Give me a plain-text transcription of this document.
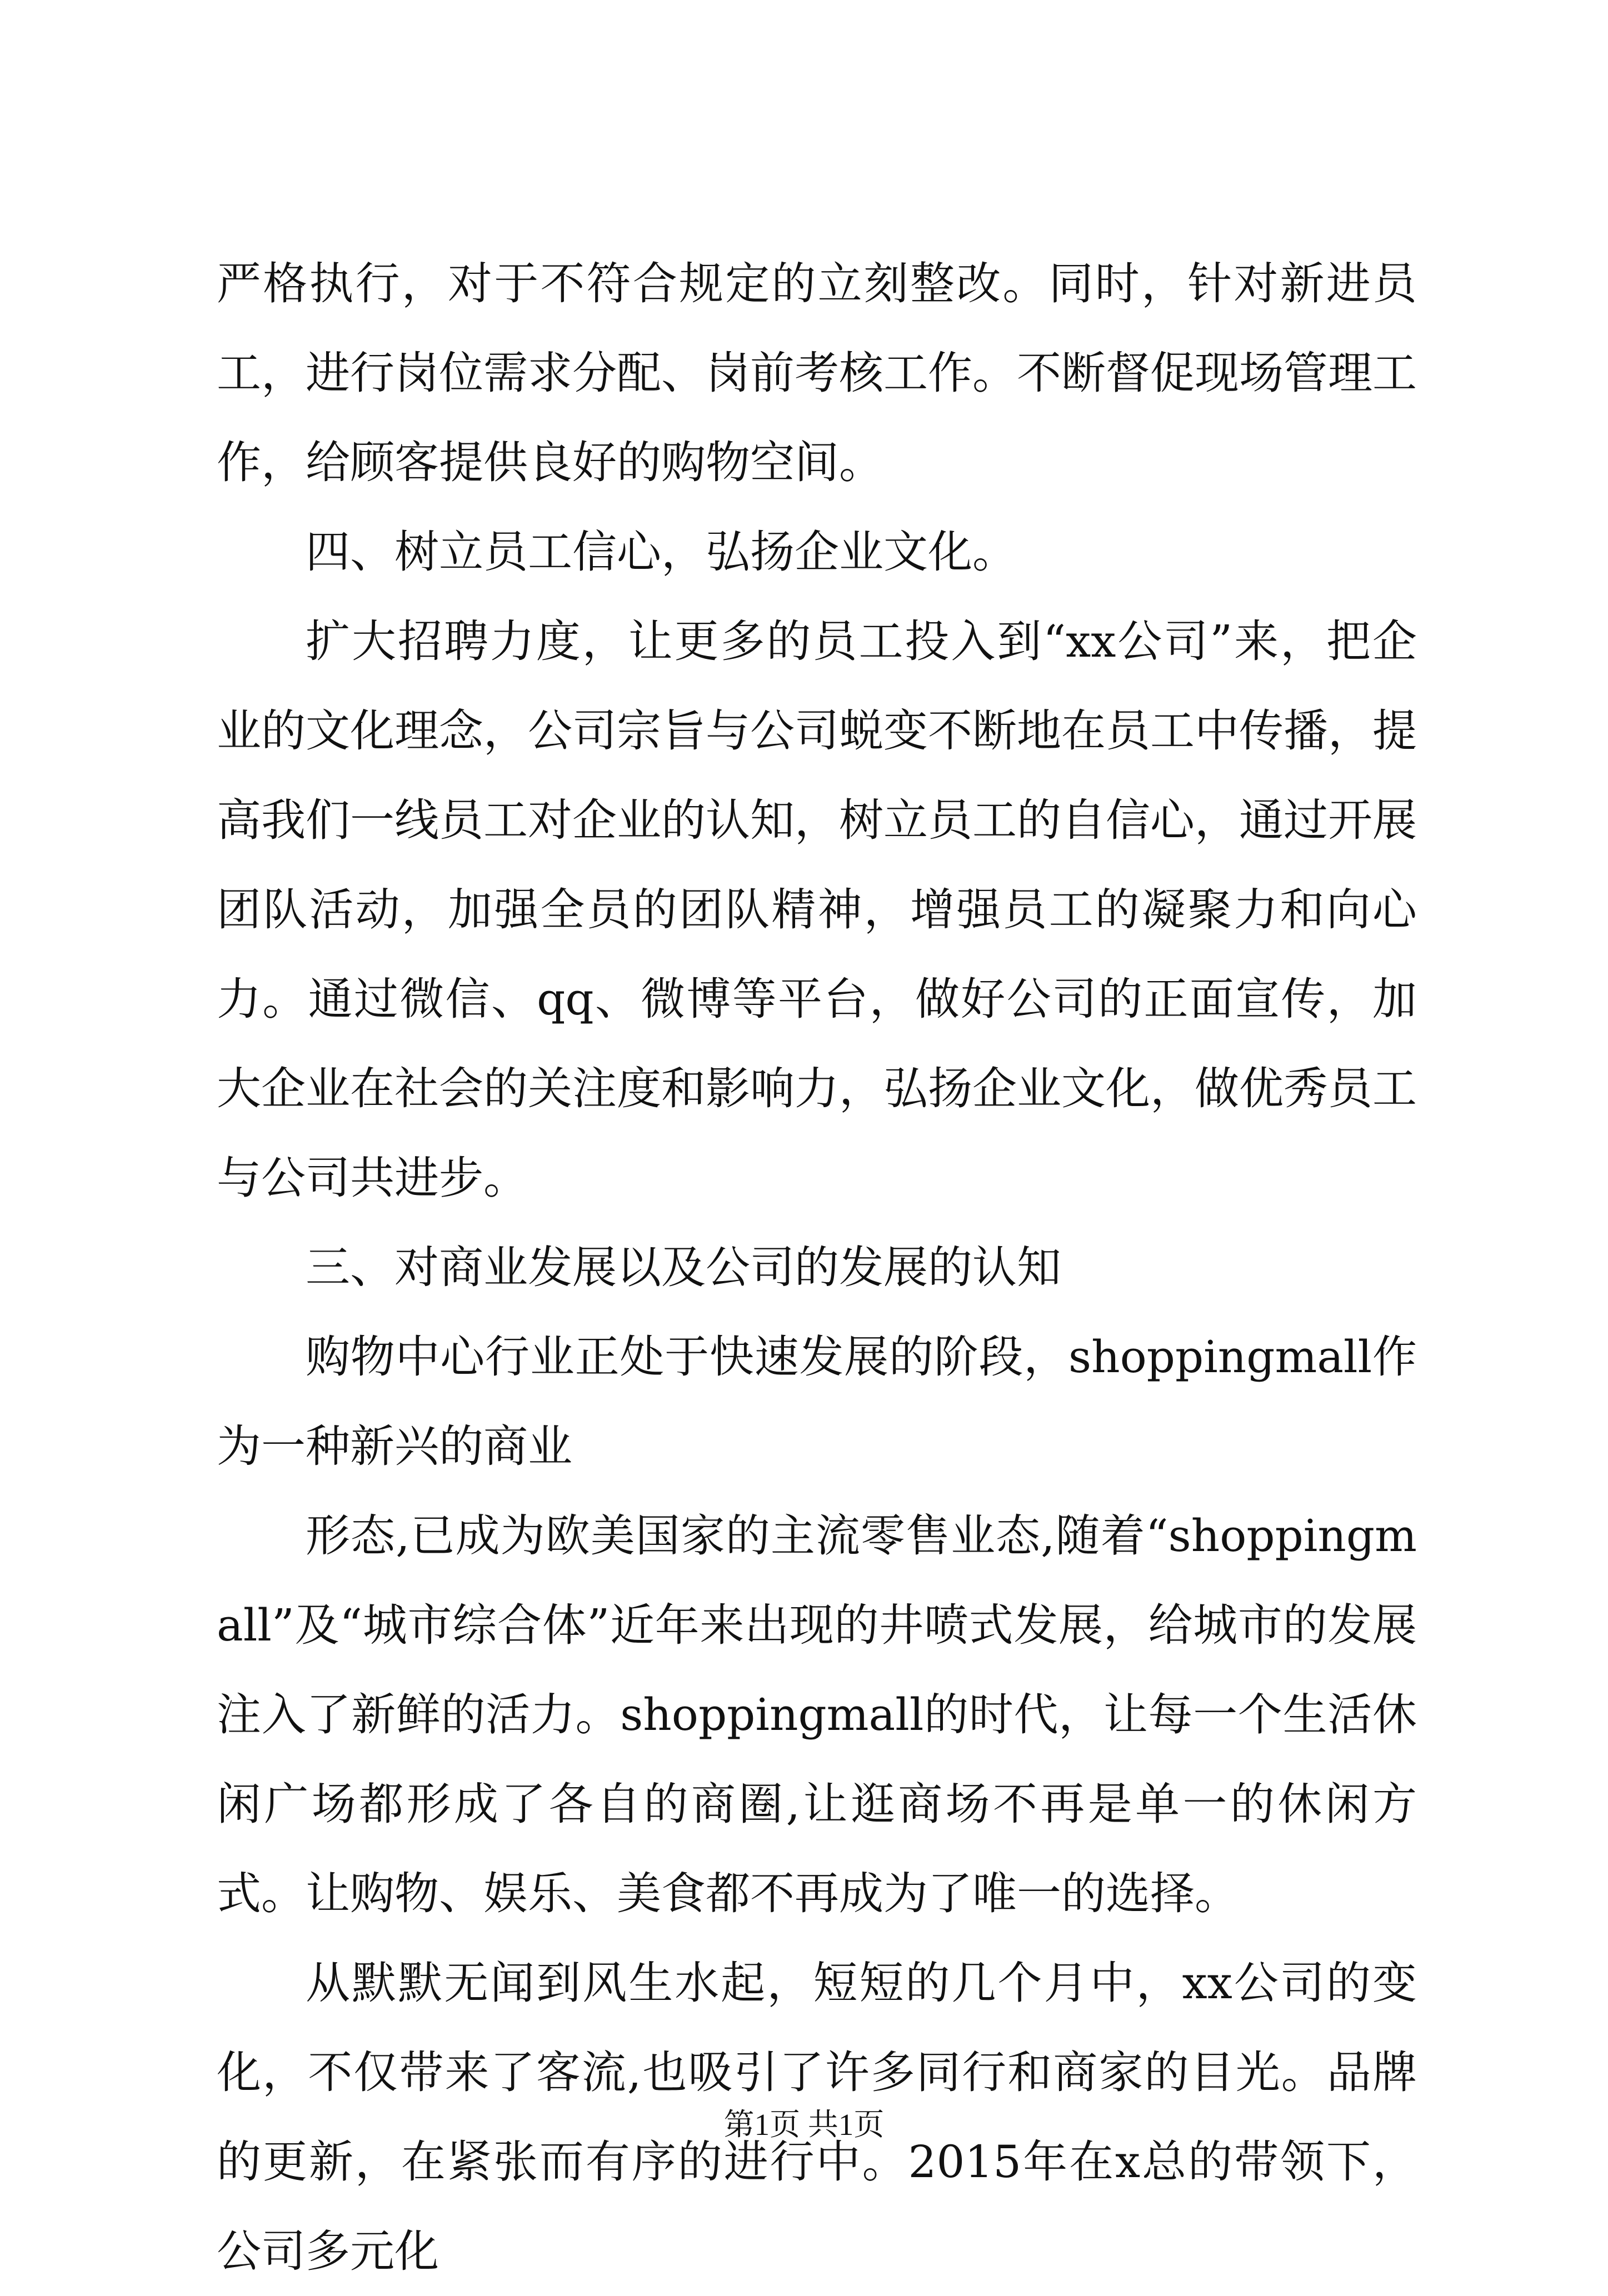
严格执行，对于不符合规定的立刻整改。同时，针对新进员工，进行岗位需求分配、岗前考核工作。不断督促现场管理工作，给顾客提供良好的购物空间。

四、树立员工信心，弘扬企业文化。

扩大招聘力度，让更多的员工投入到“xx公司”来，把企业的文化理念，公司宗旨与公司蜕变不断地在员工中传播，提高我们一线员工对企业的认知，树立员工的自信心，通过开展团队活动，加强全员的团队精神，增强员工的凝聚力和向心力。通过微信、qq、微博等平台，做好公司的正面宣传，加大企业在社会的关注度和影响力，弘扬企业文化，做优秀员工与公司共进步。

三、对商业发展以及公司的发展的认知

购物中心行业正处于快速发展的阶段，shoppingmall作为一种新兴的商业

形态,已成为欧美国家的主流零售业态,随着“shoppingmall”及“城市综合体”近年来出现的井喷式发展，给城市的发展注入了新鲜的活力。shoppingmall的时代，让每一个生活休闲广场都形成了各自的商圈,让逛商场不再是单一的休闲方式。让购物、娱乐、美食都不再成为了唯一的选择。

从默默无闻到风生水起，短短的几个月中，xx公司的变化，不仅带来了客流,也吸引了许多同行和商家的目光。品牌的更新，在紧张而有序的进行中。2015年在x总的带领下，公司多元化

第1页 共1页
